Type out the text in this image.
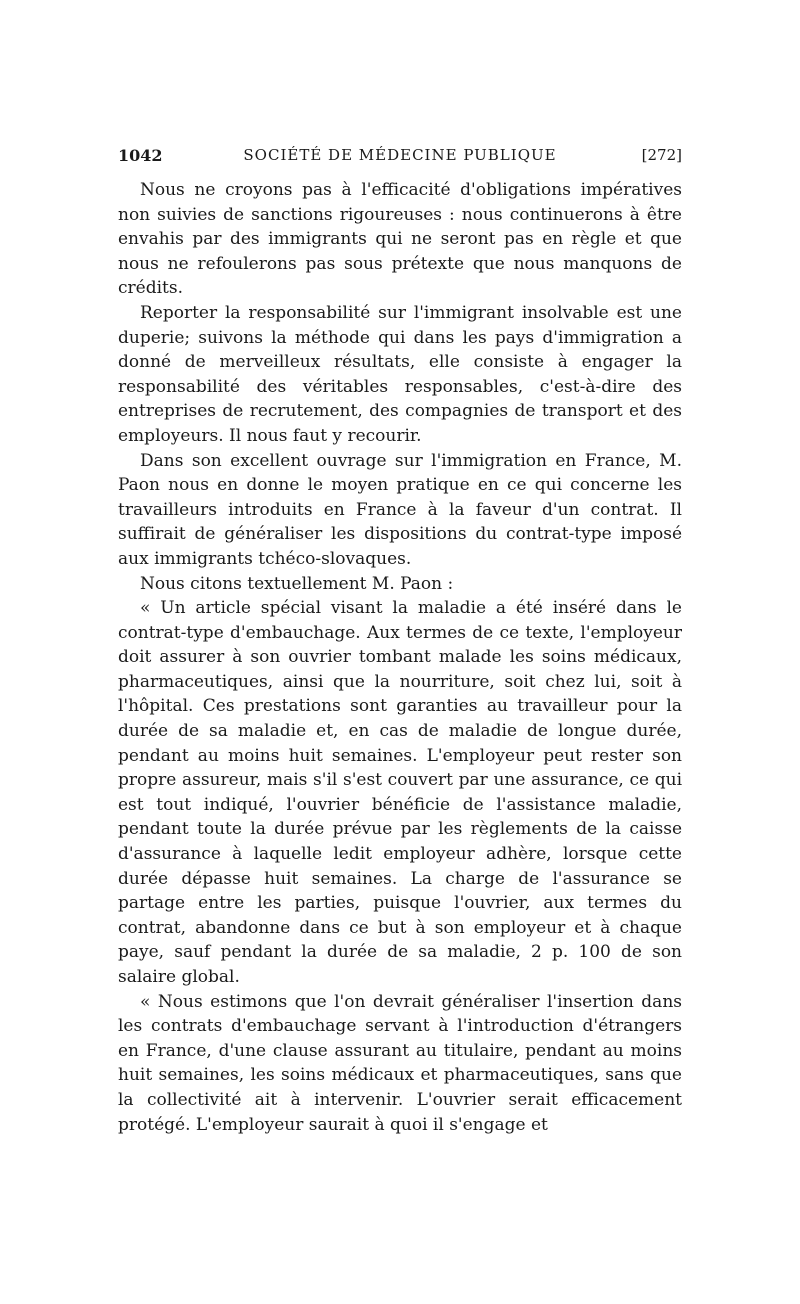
1042	SOCIÉTÉ DE MÉDECINE PUBLIQUE	[272]

Nous ne croyons pas à l'efficacité d'obligations impératives non suivies de sanctions rigoureuses : nous continuerons à être envahis par des immigrants qui ne seront pas en règle et que nous ne refoulerons pas sous prétexte que nous manquons de crédits.

Reporter la responsabilité sur l'immigrant insolvable est une duperie; suivons la méthode qui dans les pays d'immigration a donné de merveilleux résultats, elle consiste à engager la responsabilité des véritables responsables, c'est-à-dire des entreprises de recrutement, des compagnies de transport et des employeurs. Il nous faut y recourir.

Dans son excellent ouvrage sur l'immigration en France, M. Paon nous en donne le moyen pratique en ce qui concerne les travailleurs introduits en France à la faveur d'un contrat. Il suffirait de généraliser les dispositions du contrat-type imposé aux immigrants tchéco-slovaques.

Nous citons textuellement M. Paon :

« Un article spécial visant la maladie a été inséré dans le contrat-type d'embauchage. Aux termes de ce texte, l'employeur doit assurer à son ouvrier tombant malade les soins médicaux, pharmaceutiques, ainsi que la nourriture, soit chez lui, soit à l'hôpital. Ces prestations sont garanties au travailleur pour la durée de sa maladie et, en cas de maladie de longue durée, pendant au moins huit semaines. L'employeur peut rester son propre assureur, mais s'il s'est couvert par une assurance, ce qui est tout indiqué, l'ouvrier bénéficie de l'assistance maladie, pendant toute la durée prévue par les règlements de la caisse d'assurance à laquelle ledit employeur adhère, lorsque cette durée dépasse huit semaines. La charge de l'assurance se partage entre les parties, puisque l'ouvrier, aux termes du contrat, abandonne dans ce but à son employeur et à chaque paye, sauf pendant la durée de sa maladie, 2 p. 100 de son salaire global.

« Nous estimons que l'on devrait généraliser l'insertion dans les contrats d'embauchage servant à l'introduction d'étrangers en France, d'une clause assurant au titulaire, pendant au moins huit semaines, les soins médicaux et pharmaceutiques, sans que la collectivité ait à intervenir. L'ouvrier serait efficacement protégé. L'employeur saurait à quoi il s'engage et
